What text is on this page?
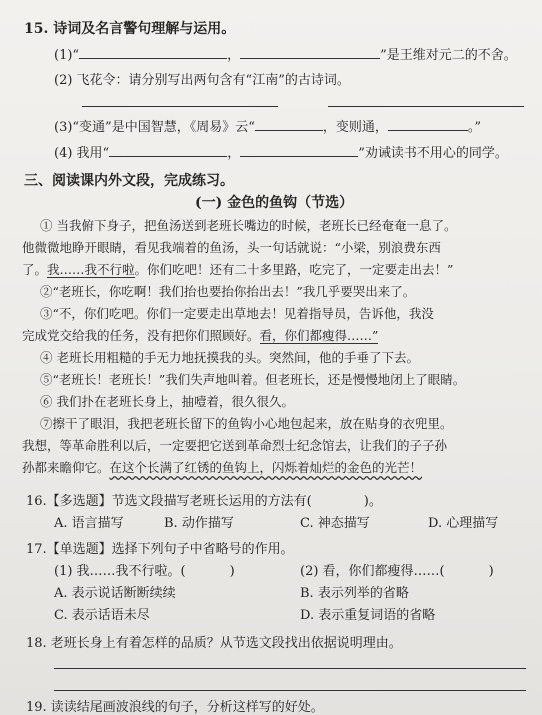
15. 诗词及名言警句理解与运用。
(1)“	，	”是王维对元二的不舍。
(2) 飞花令：请分别写出两句含有“江南”的古诗词。
(3)“变通”是中国智慧，《周易》云“	，变则通，	。”
(4) 我用“	，	”劝诫读书不用心的同学。
三、阅读课内外文段，完成练习。
(一) 金色的鱼钩（节选）
① 当我俯下身子，把鱼汤送到老班长嘴边的时候，老班长已经奄奄一息了。
他微微地睁开眼睛，看见我端着的鱼汤，头一句话就说：“小梁，别浪费东西
了。我……我不行啦。你们吃吧！还有二十多里路，吃完了，一定要走出去！”
②“老班长，你吃啊！我们抬也要抬你抬出去！”我几乎要哭出来了。
③“不，你们吃吧。你们一定要走出草地去！见着指导员，告诉他，我没
完成党交给我的任务，没有把你们照顾好。看，你们都瘦得……”
④ 老班长用粗糙的手无力地抚摸我的头。突然间，他的手垂了下去。
⑤“老班长！老班长！”我们失声地叫着。但老班长，还是慢慢地闭上了眼睛。
⑥ 我们扑在老班长身上，抽噎着，很久很久。
⑦擦干了眼泪，我把老班长留下的鱼钩小心地包起来，放在贴身的衣兜里。
我想，等革命胜利以后，一定要把它送到革命烈士纪念馆去，让我们的子子孙
孙都来瞻仰它。在这个长满了红锈的鱼钩上，闪烁着灿烂的金色的光芒！
16.【多选题】节选文段描写老班长运用的方法有(	)。
A. 语言描写	B. 动作描写	C. 神态描写	D. 心理描写
17.【单选题】选择下列句子中省略号的作用。
(1) 我……我不行啦。(	)	(2) 看，你们都瘦得……(	)
A. 表示说话断断续续	B. 表示列举的省略
C. 表示话语未尽	D. 表示重复词语的省略
18. 老班长身上有着怎样的品质？从节选文段找出依据说明理由。
19. 读读结尾画波浪线的句子，分析这样写的好处。
